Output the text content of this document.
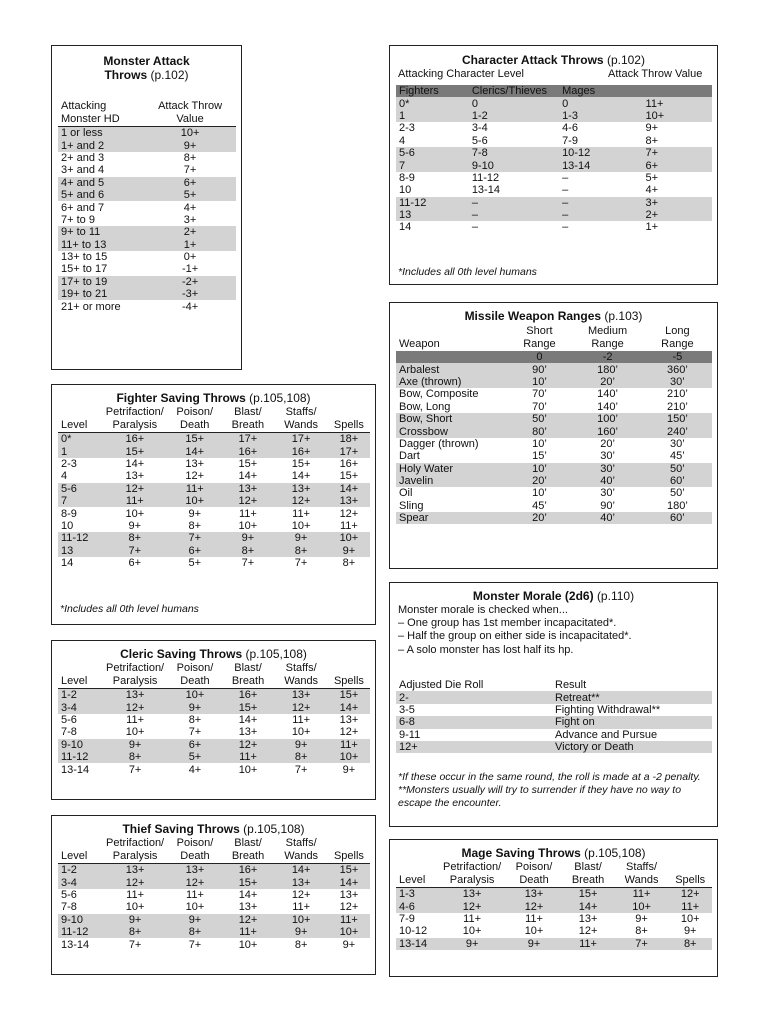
Monster Attack Throws (p.102)
Attacking	Attack Throw
Monster HD	Value
1 or less	10+
1+ and 2	9+
2+ and 3	8+
3+ and 4	7+
4+ and 5	6+
5+ and 6	5+
6+ and 7	4+
7+ to 9	3+
9+ to 11	2+
11+ to 13	1+
13+ to 15	0+
15+ to 17	-1+
17+ to 19	-2+
19+ to 21	-3+
21+ or more	-4+
Fighter Saving Throws (p.105,108)
	Petrifaction/	Poison/	Blast/	Staffs/	
Level	Paralysis	Death	Breath	Wands	Spells
0*	16+	15+	17+	17+	18+
1	15+	14+	16+	16+	17+
2-3	14+	13+	15+	15+	16+
4	13+	12+	14+	14+	15+
5-6	12+	11+	13+	13+	14+
7	11+	10+	12+	12+	13+
8-9	10+	9+	11+	11+	12+
10	9+	8+	10+	10+	11+
11-12	8+	7+	9+	9+	10+
13	7+	6+	8+	8+	9+
14	6+	5+	7+	7+	8+
*Includes all 0th level humans
Cleric Saving Throws (p.105,108)
	Petrifaction/	Poison/	Blast/	Staffs/	
Level	Paralysis	Death	Breath	Wands	Spells
1-2	13+	10+	16+	13+	15+
3-4	12+	9+	15+	12+	14+
5-6	11+	8+	14+	11+	13+
7-8	10+	7+	13+	10+	12+
9-10	9+	6+	12+	9+	11+
11-12	8+	5+	11+	8+	10+
13-14	7+	4+	10+	7+	9+
Thief Saving Throws (p.105,108)
	Petrifaction/	Poison/	Blast/	Staffs/	
Level	Paralysis	Death	Breath	Wands	Spells
1-2	13+	13+	16+	14+	15+
3-4	12+	12+	15+	13+	14+
5-6	11+	11+	14+	12+	13+
7-8	10+	10+	13+	11+	12+
9-10	9+	9+	12+	10+	11+
11-12	8+	8+	11+	9+	10+
13-14	7+	7+	10+	8+	9+
Character Attack Throws (p.102)
Attacking Character Level	Attack Throw Value
Fighters	Clerics/Thieves	Mages	
0*	0	0	11+
1	1-2	1-3	10+
2-3	3-4	4-6	9+
4	5-6	7-9	8+
5-6	7-8	10-12	7+
7	9-10	13-14	6+
8-9	11-12	–	5+
10	13-14	–	4+
11-12	–	–	3+
13	–	–	2+
14	–	–	1+
*Includes all 0th level humans
Missile Weapon Ranges (p.103)
	Short	Medium	Long
Weapon	Range	Range	Range
	0	-2	-5
Arbalest	90’	180’	360’
Axe (thrown)	10’	20’	30’
Bow, Composite	70’	140’	210’
Bow, Long	70’	140’	210’
Bow, Short	50’	100’	150’
Crossbow	80’	160’	240’
Dagger (thrown)	10’	20’	30’
Dart	15’	30’	45’
Holy Water	10’	30’	50’
Javelin	20’	40’	60’
Oil	10’	30’	50’
Sling	45’	90’	180’
Spear	20’	40’	60’
Monster Morale (2d6) (p.110)
Monster morale is checked when...
– One group has 1st member incapacitated*.
– Half the group on either side is incapacitated*.
– A solo monster has lost half its hp.
Adjusted Die Roll	Result
2-	Retreat**
3-5	Fighting Withdrawal**
6-8	Fight on
9-11	Advance and Pursue
12+	Victory or Death
*If these occur in the same round, the roll is made at a -2 penalty.
**Monsters usually will try to surrender if they have no way to
escape the encounter.
Mage Saving Throws (p.105,108)
	Petrifaction/	Poison/	Blast/	Staffs/	
Level	Paralysis	Death	Breath	Wands	Spells
1-3	13+	13+	15+	11+	12+
4-6	12+	12+	14+	10+	11+
7-9	11+	11+	13+	9+	10+
10-12	10+	10+	12+	8+	9+
13-14	9+	9+	11+	7+	8+
